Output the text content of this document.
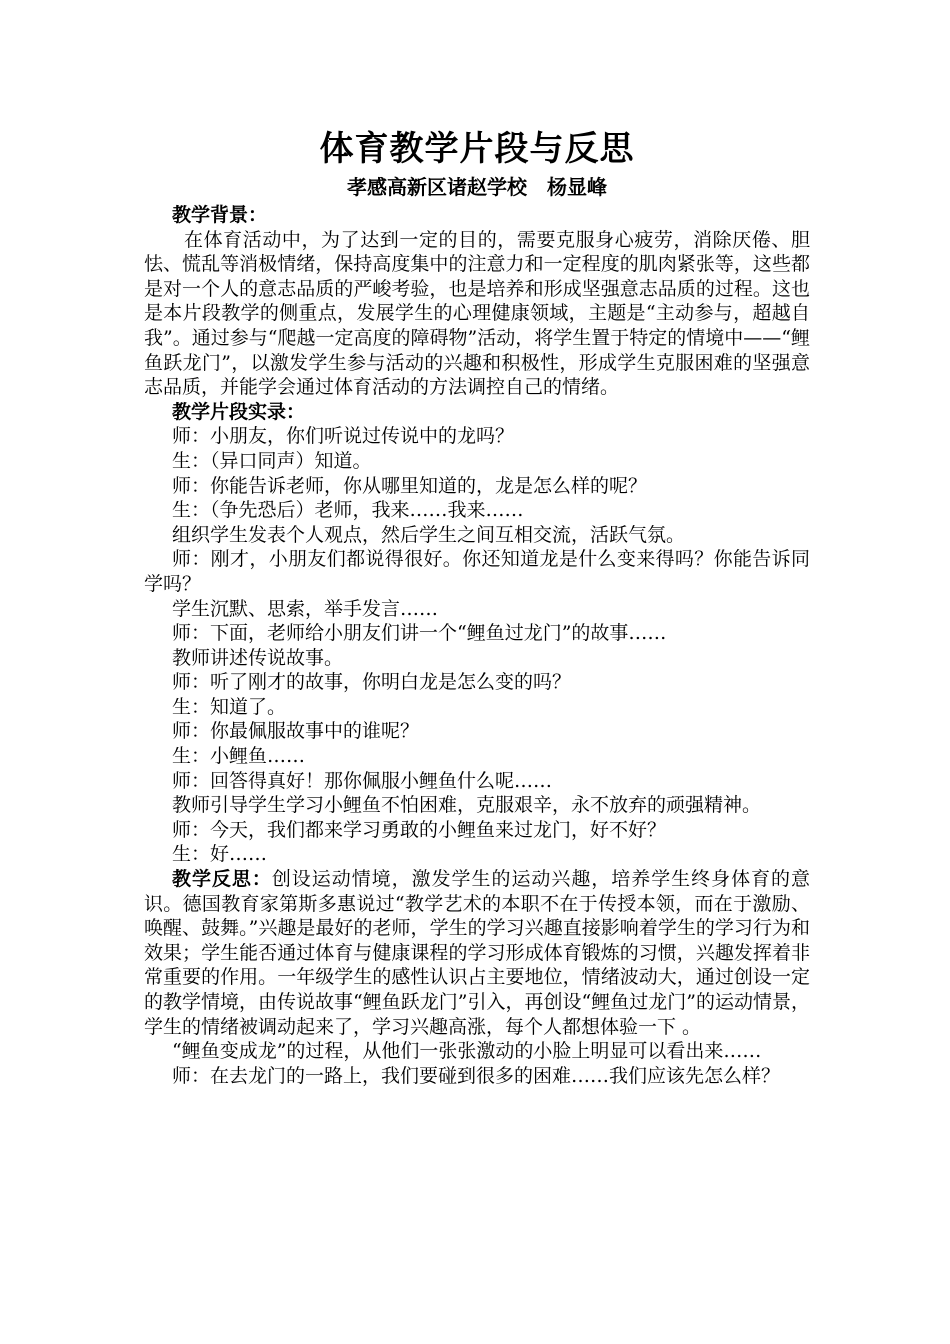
体育教学片段与反思
孝感高新区诸赵学校 杨显峰

教学背景：

在体育活动中，为了达到一定的目的，需要克服身心疲劳，消除厌倦、胆怯、慌乱等消极情绪，保持高度集中的注意力和一定程度的肌肉紧张等，这些都是对一个人的意志品质的严峻考验，也是培养和形成坚强意志品质的过程。这也是本片段教学的侧重点，发展学生的心理健康领域，主题是“主动参与，超越自我”。通过参与“爬越一定高度的障碍物”活动，将学生置于特定的情境中——“鲤鱼跃龙门”，以激发学生参与活动的兴趣和积极性，形成学生克服困难的坚强意志品质，并能学会通过体育活动的方法调控自己的情绪。

教学片段实录：

师：小朋友，你们听说过传说中的龙吗？

生：（异口同声）知道。

师：你能告诉老师，你从哪里知道的，龙是怎么样的呢？

生：（争先恐后）老师，我来……我来……

组织学生发表个人观点，然后学生之间互相交流，活跃气氛。

师：刚才，小朋友们都说得很好。你还知道龙是什么变来得吗？你能告诉同学吗？

学生沉默、思索，举手发言……

师：下面，老师给小朋友们讲一个“鲤鱼过龙门”的故事……

教师讲述传说故事。

师：听了刚才的故事，你明白龙是怎么变的吗？

生：知道了。

师：你最佩服故事中的谁呢？

生：小鲤鱼……

师：回答得真好！那你佩服小鲤鱼什么呢……

教师引导学生学习小鲤鱼不怕困难，克服艰辛，永不放弃的顽强精神。

师：今天，我们都来学习勇敢的小鲤鱼来过龙门，好不好？

生：好……

教学反思：创设运动情境，激发学生的运动兴趣，培养学生终身体育的意识。德国教育家第斯多惠说过“教学艺术的本职不在于传授本领，而在于激励、唤醒、鼓舞。”兴趣是最好的老师，学生的学习兴趣直接影响着学生的学习行为和效果；学生能否通过体育与健康课程的学习形成体育锻炼的习惯，兴趣发挥着非常重要的作用。一年级学生的感性认识占主要地位，情绪波动大，通过创设一定的教学情境，由传说故事“鲤鱼跃龙门”引入，再创设“鲤鱼过龙门”的运动情景，学生的情绪被调动起来了，学习兴趣高涨，每个人都想体验一下 。

“鲤鱼变成龙”的过程，从他们一张张激动的小脸上明显可以看出来……

师：在去龙门的一路上，我们要碰到很多的困难……我们应该先怎么样？
